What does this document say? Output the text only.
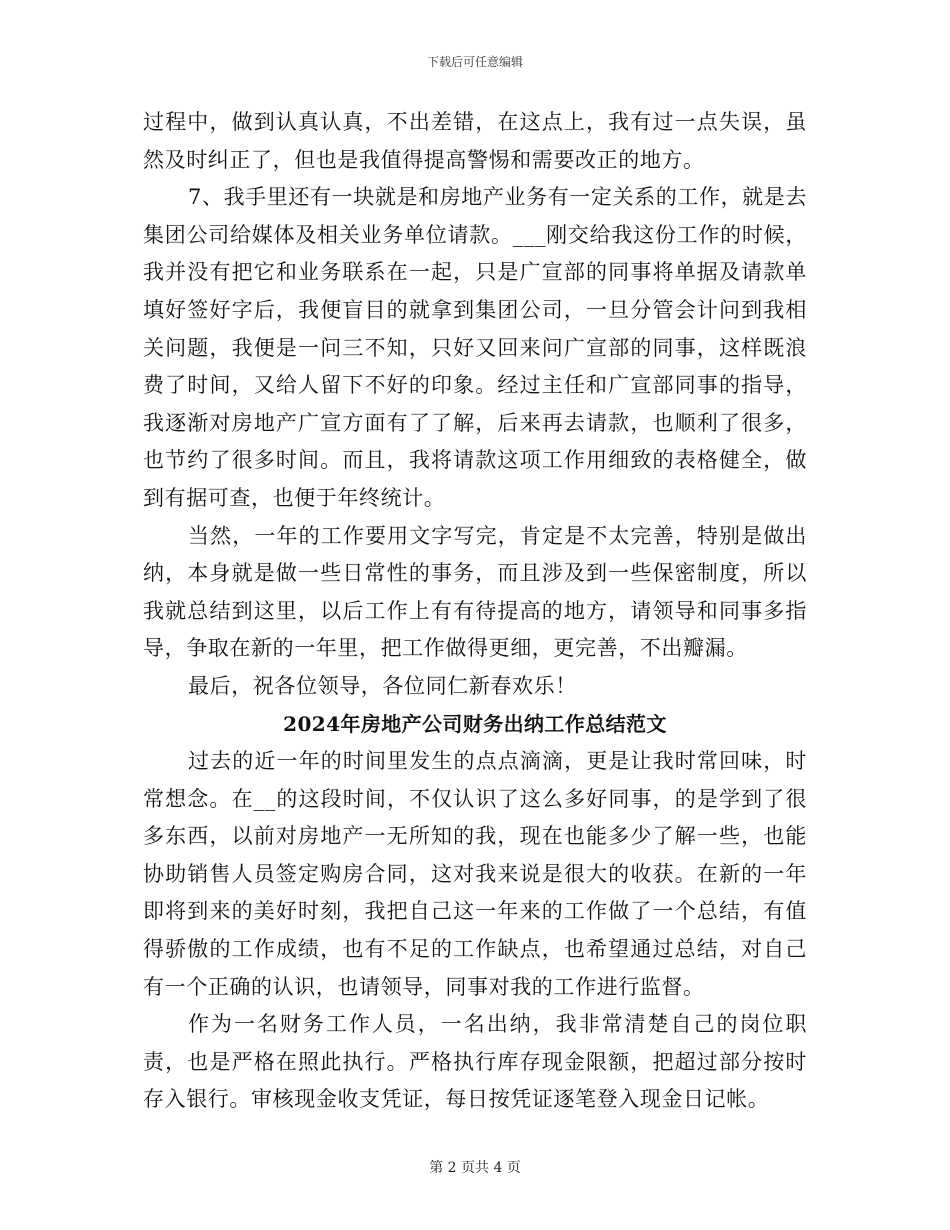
下载后可任意编辑

过程中，做到认真认真，不出差错，在这点上，我有过一点失误，虽然及时纠正了，但也是我值得提高警惕和需要改正的地方。

7、我手里还有一块就是和房地产业务有一定关系的工作，就是去集团公司给媒体及相关业务单位请款。___刚交给我这份工作的时候，我并没有把它和业务联系在一起，只是广宣部的同事将单据及请款单填好签好字后，我便盲目的就拿到集团公司，一旦分管会计问到我相关问题，我便是一问三不知，只好又回来问广宣部的同事，这样既浪费了时间，又给人留下不好的印象。经过主任和广宣部同事的指导，我逐渐对房地产广宣方面有了了解，后来再去请款，也顺利了很多，也节约了很多时间。而且，我将请款这项工作用细致的表格健全，做到有据可查，也便于年终统计。

当然，一年的工作要用文字写完，肯定是不太完善，特别是做出纳，本身就是做一些日常性的事务，而且涉及到一些保密制度，所以我就总结到这里，以后工作上有有待提高的地方，请领导和同事多指导，争取在新的一年里，把工作做得更细，更完善，不出瓣漏。

最后，祝各位领导，各位同仁新春欢乐！

2024年房地产公司财务出纳工作总结范文

过去的近一年的时间里发生的点点滴滴，更是让我时常回味，时常想念。在__的这段时间，不仅认识了这么多好同事，的是学到了很多东西，以前对房地产一无所知的我，现在也能多少了解一些，也能协助销售人员签定购房合同，这对我来说是很大的收获。在新的一年即将到来的美好时刻，我把自己这一年来的工作做了一个总结，有值得骄傲的工作成绩，也有不足的工作缺点，也希望通过总结，对自己有一个正确的认识，也请领导，同事对我的工作进行监督。

作为一名财务工作人员，一名出纳，我非常清楚自己的岗位职责，也是严格在照此执行。严格执行库存现金限额，把超过部分按时存入银行。审核现金收支凭证，每日按凭证逐笔登入现金日记帐。

第 2 页共 4 页
